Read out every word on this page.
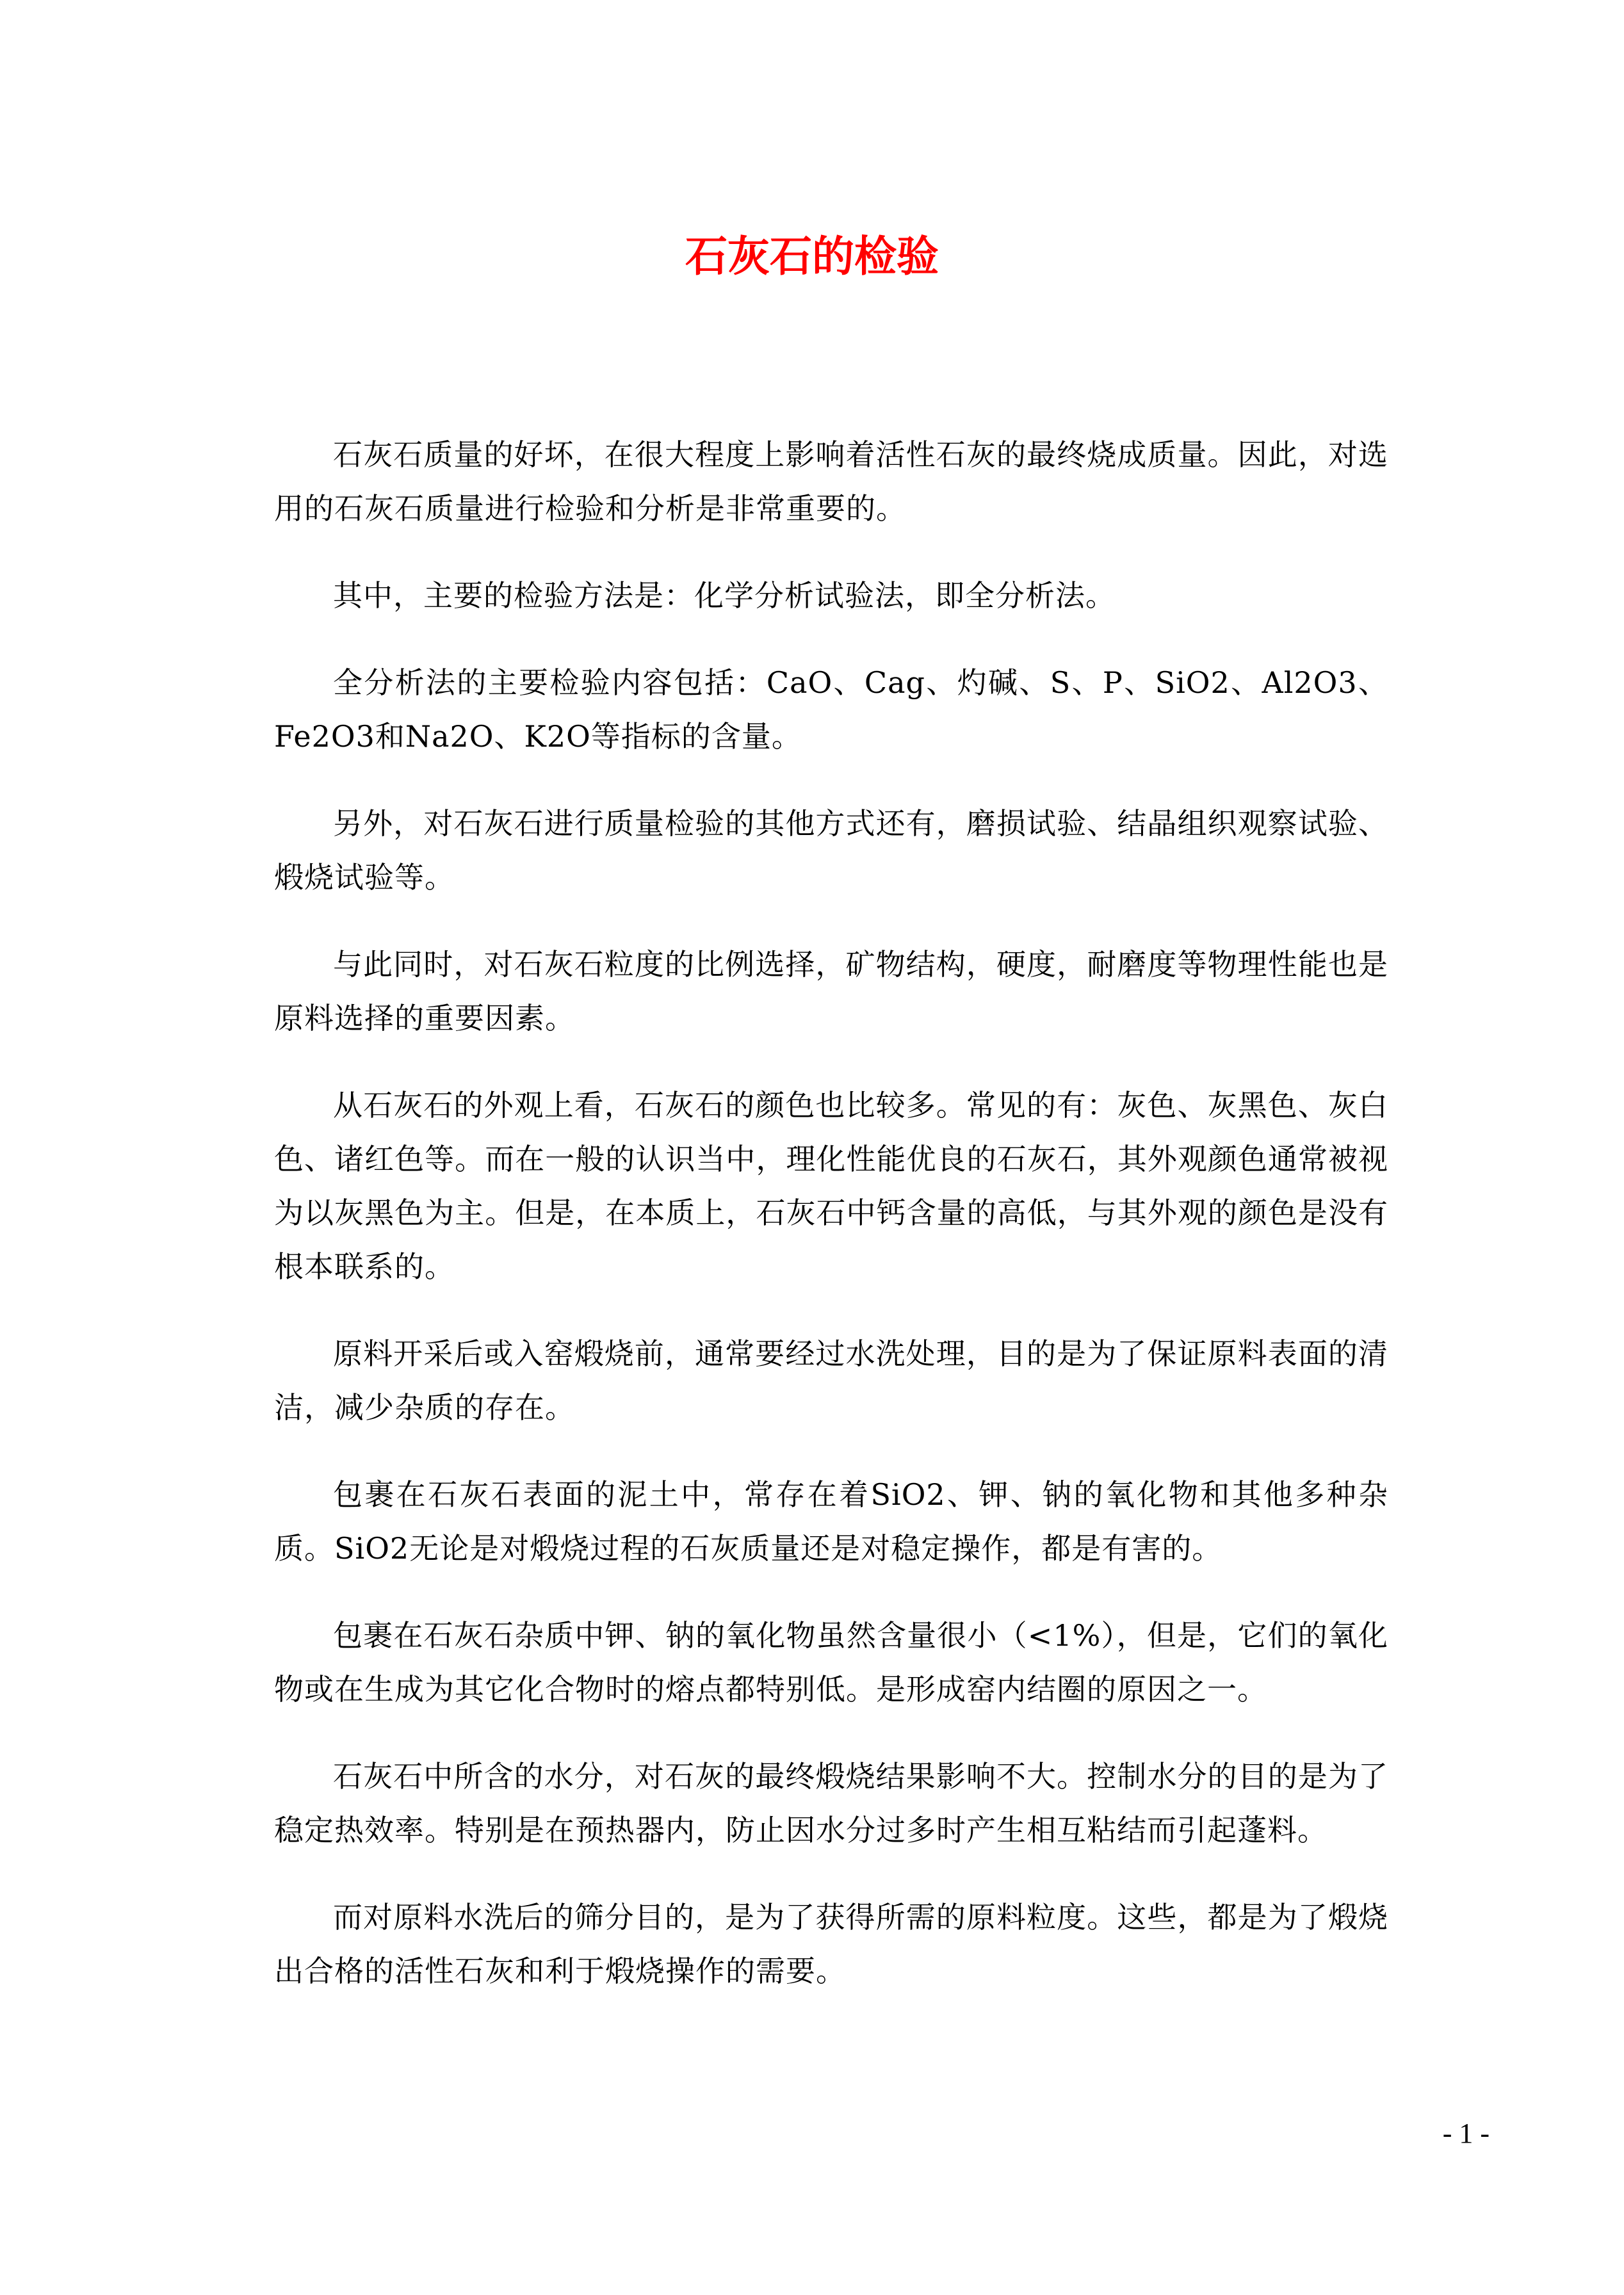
石灰石的检验

石灰石质量的好坏，在很大程度上影响着活性石灰的最终烧成质量。因此，对选用的石灰石质量进行检验和分析是非常重要的。

其中，主要的检验方法是：化学分析试验法，即全分析法。

全分析法的主要检验内容包括：CaO、Cag、灼碱、S、P、SiO2、Al2O3、Fe2O3和Na2O、K2O等指标的含量。

另外，对石灰石进行质量检验的其他方式还有，磨损试验、结晶组织观察试验、煅烧试验等。

与此同时，对石灰石粒度的比例选择，矿物结构，硬度，耐磨度等物理性能也是原料选择的重要因素。

从石灰石的外观上看，石灰石的颜色也比较多。常见的有：灰色、灰黑色、灰白色、诸红色等。而在一般的认识当中，理化性能优良的石灰石，其外观颜色通常被视为以灰黑色为主。但是，在本质上，石灰石中钙含量的高低，与其外观的颜色是没有根本联系的。

原料开采后或入窑煅烧前，通常要经过水洗处理，目的是为了保证原料表面的清洁，减少杂质的存在。

包裹在石灰石表面的泥土中，常存在着SiO2、钾、钠的氧化物和其他多种杂质。SiO2无论是对煅烧过程的石灰质量还是对稳定操作，都是有害的。

包裹在石灰石杂质中钾、钠的氧化物虽然含量很小（<1%），但是，它们的氧化物或在生成为其它化合物时的熔点都特别低。是形成窑内结圈的原因之一。

石灰石中所含的水分，对石灰的最终煅烧结果影响不大。控制水分的目的是为了稳定热效率。特别是在预热器内，防止因水分过多时产生相互粘结而引起蓬料。

而对原料水洗后的筛分目的，是为了获得所需的原料粒度。这些，都是为了煅烧出合格的活性石灰和利于煅烧操作的需要。

- 1 -
